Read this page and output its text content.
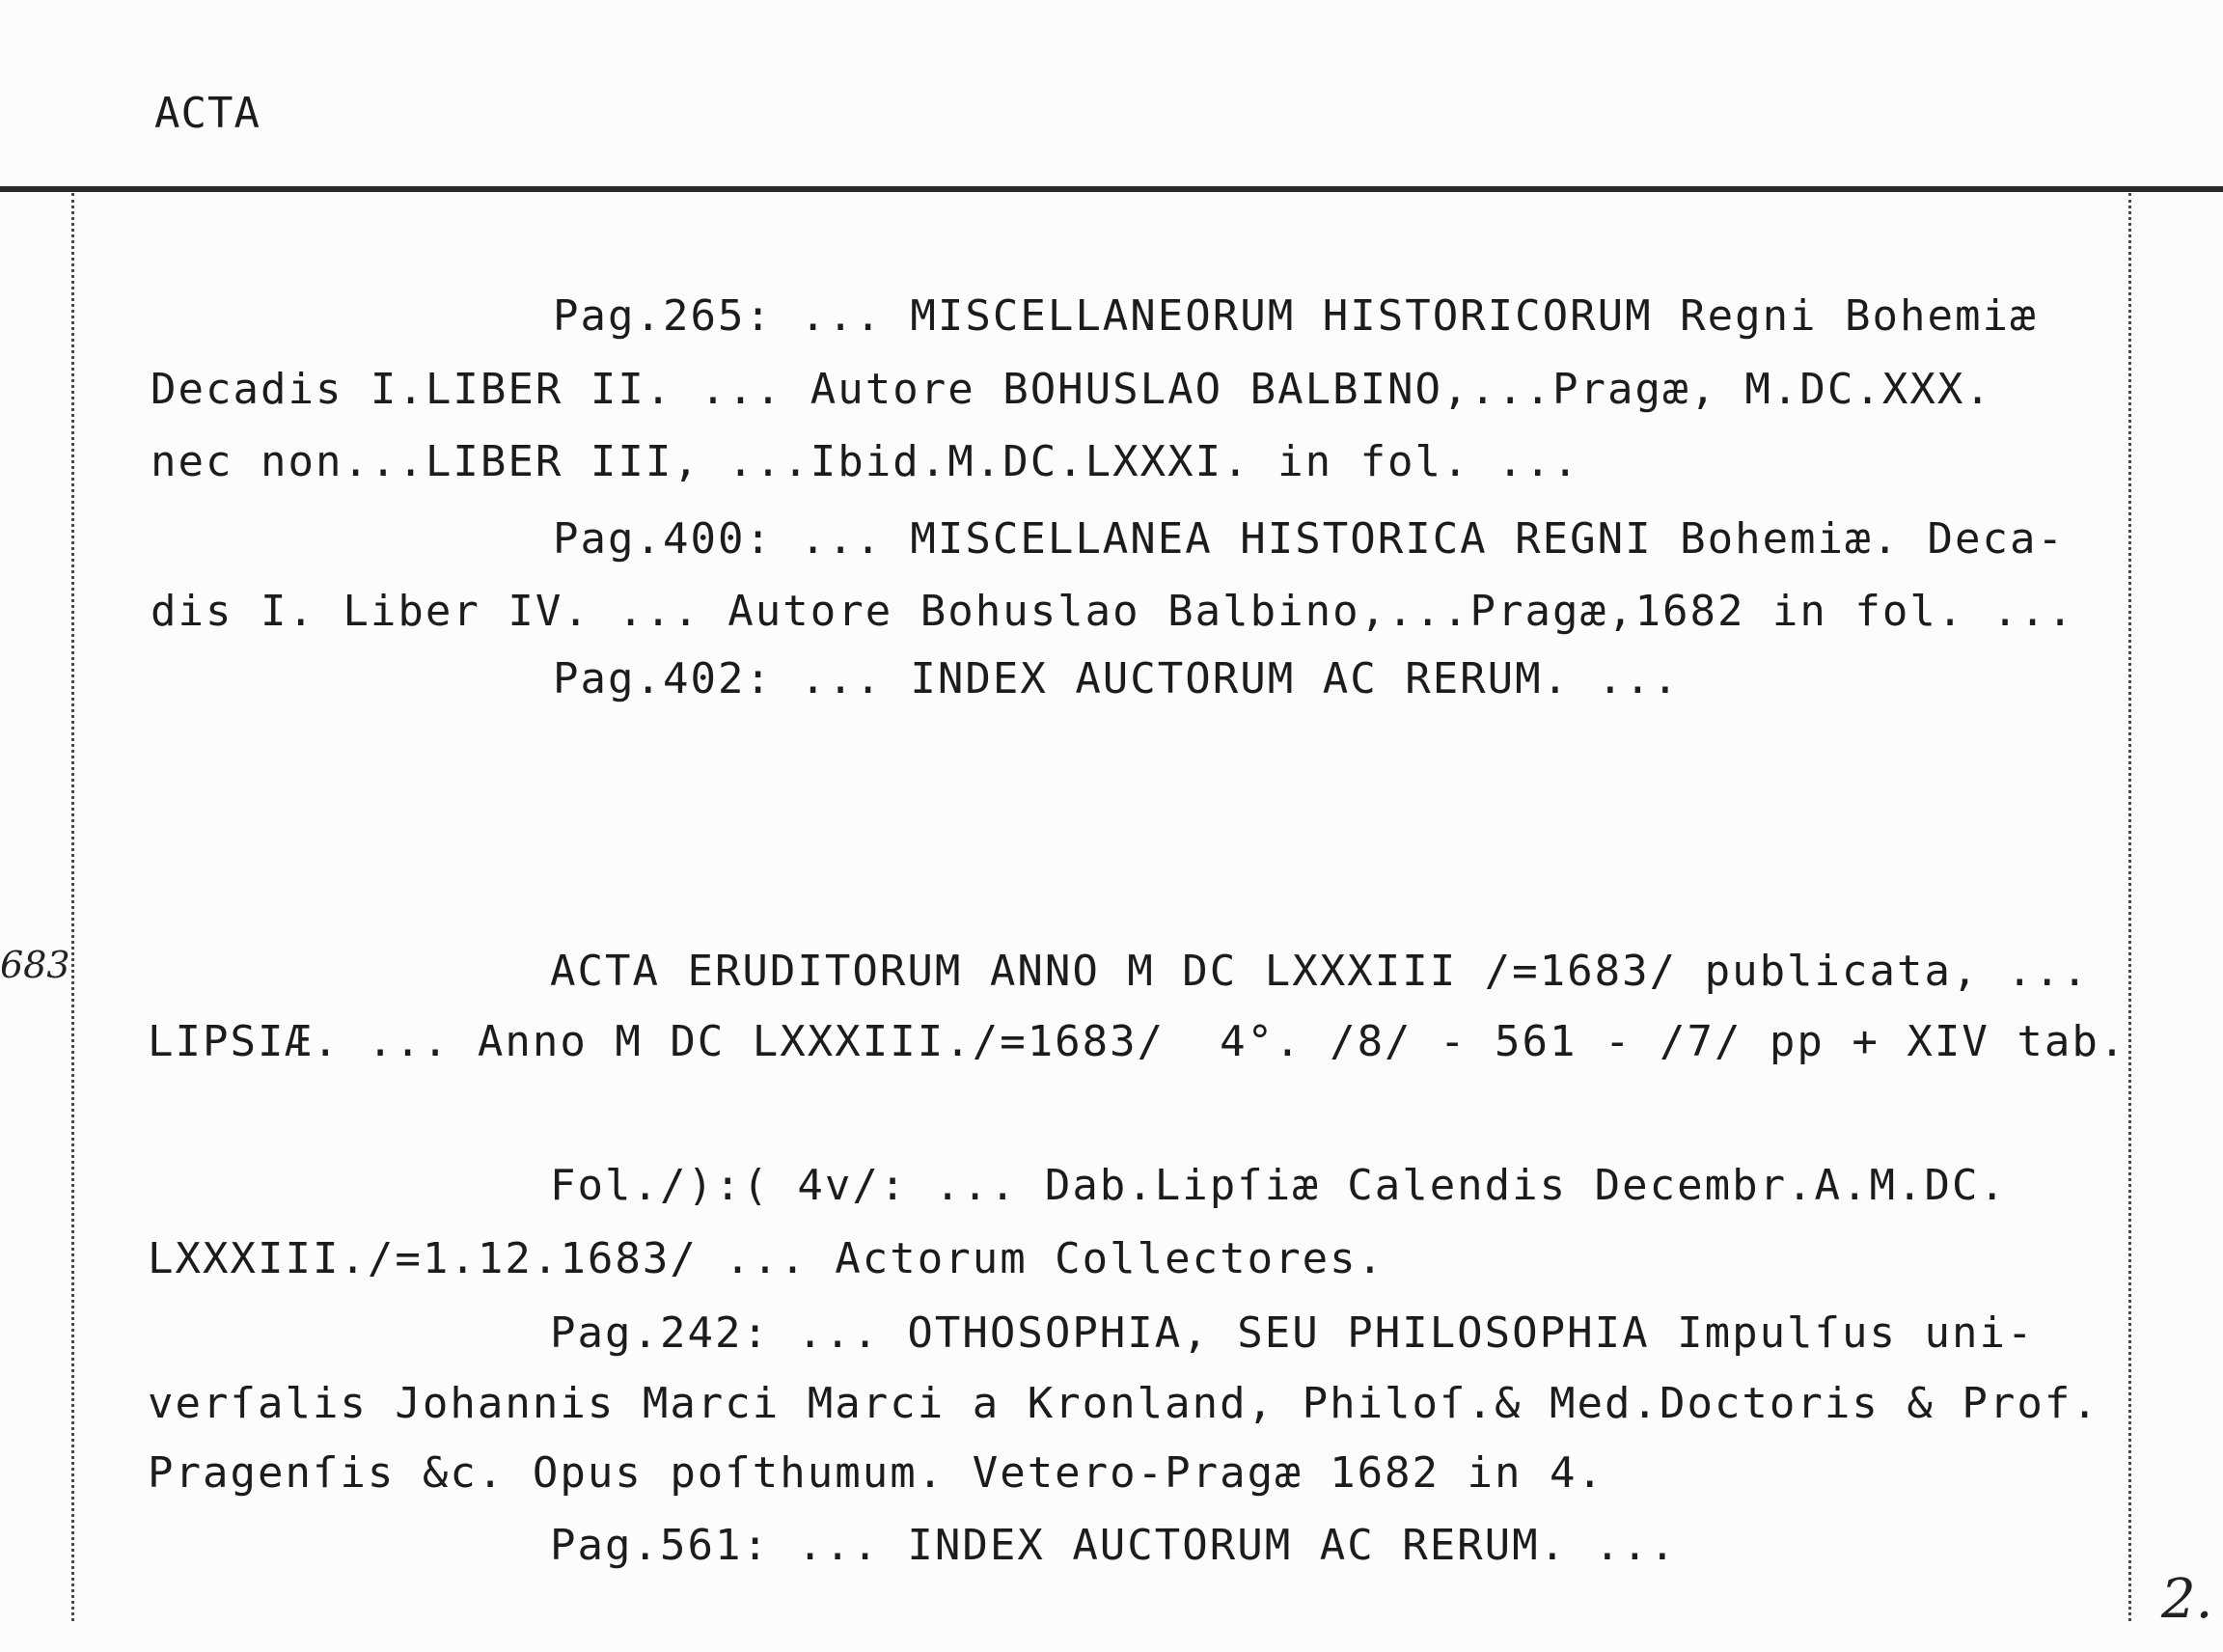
ACTA
683
Pag.265: ... MISCELLANEORUM HISTORICORUM Regni Bohemiæ
Decadis I.LIBER II. ... Autore BOHUSLAO BALBINO,...Pragæ, M.DC.XXX.
nec non...LIBER III, ...Ibid.M.DC.LXXXI. in fol. ...
Pag.400: ... MISCELLANEA HISTORICA REGNI Bohemiæ. Deca-
dis I. Liber IV. ... Autore Bohuslao Balbino,...Pragæ,1682 in fol. ...
Pag.402: ... INDEX AUCTORUM AC RERUM. ...
ACTA ERUDITORUM ANNO M DC LXXXIII /=1683/ publicata, ...
LIPSIÆ. ... Anno M DC LXXXIII./=1683/  4°. /8/ - 561 - /7/ pp + XIV tab.
Fol./):( 4v/: ... Dab.Lipſiæ Calendis Decembr.A.M.DC.
LXXXIII./=1.12.1683/ ... Actorum Collectores.
Pag.242: ... OTHOSOPHIA, SEU PHILOSOPHIA Impulſus uni-
verſalis Johannis Marci Marci a Kronland, Philoſ.& Med.Doctoris & Prof.
Pragenſis &c. Opus poſthumum. Vetero-Pragæ 1682 in 4.
Pag.561: ... INDEX AUCTORUM AC RERUM. ...
2.
